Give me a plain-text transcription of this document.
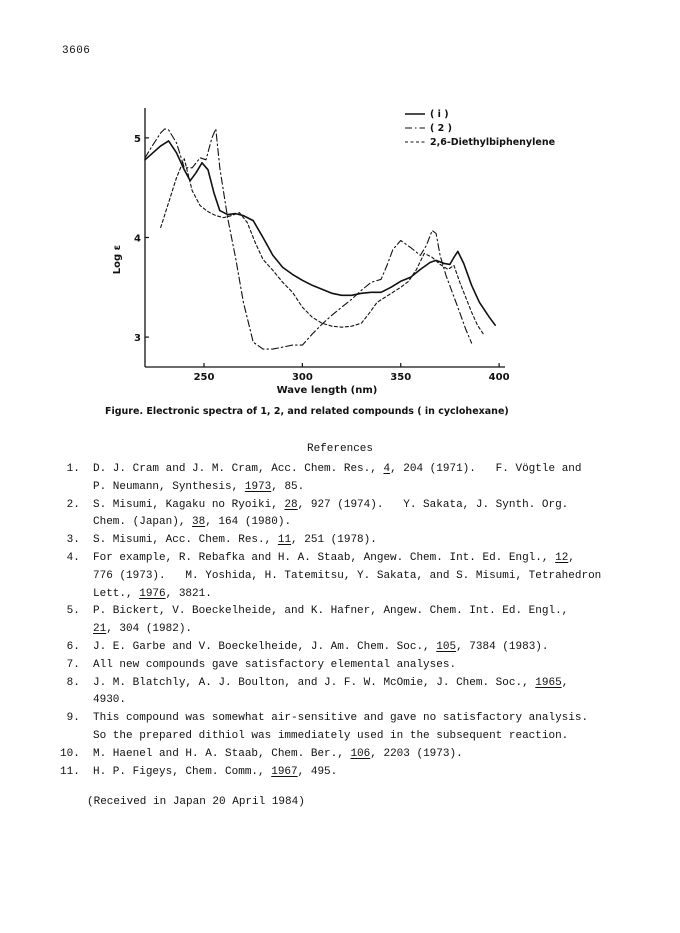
3606
250	300	350	400
3
4
5
Wave length (nm)
Log ε
( i )
( 2 )
2,6-Diethylbiphenylene
Figure. Electronic spectra of 1, 2, and related compounds ( in cyclohexane)
References
1.  D. J. Cram and J. M. Cram, Acc. Chem. Res., 4, 204 (1971).   F. Vögtle and
P. Neumann, Synthesis, 1973, 85.
2.  S. Misumi, Kagaku no Ryoiki, 28, 927 (1974).   Y. Sakata, J. Synth. Org.
Chem. (Japan), 38, 164 (1980).
3.  S. Misumi, Acc. Chem. Res., 11, 251 (1978).
4.  For example, R. Rebafka and H. A. Staab, Angew. Chem. Int. Ed. Engl., 12,
776 (1973).   M. Yoshida, H. Tatemitsu, Y. Sakata, and S. Misumi, Tetrahedron
Lett., 1976, 3821.
5.  P. Bickert, V. Boeckelheide, and K. Hafner, Angew. Chem. Int. Ed. Engl.,
21, 304 (1982).
6.  J. E. Garbe and V. Boeckelheide, J. Am. Chem. Soc., 105, 7384 (1983).
7.  All new compounds gave satisfactory elemental analyses.
8.  J. M. Blatchly, A. J. Boulton, and J. F. W. McOmie, J. Chem. Soc., 1965,
4930.
9.  This compound was somewhat air-sensitive and gave no satisfactory analysis.
So the prepared dithiol was immediately used in the subsequent reaction.
10.  M. Haenel and H. A. Staab, Chem. Ber., 106, 2203 (1973).
11.  H. P. Figeys, Chem. Comm., 1967, 495.
(Received in Japan 20 April 1984)
